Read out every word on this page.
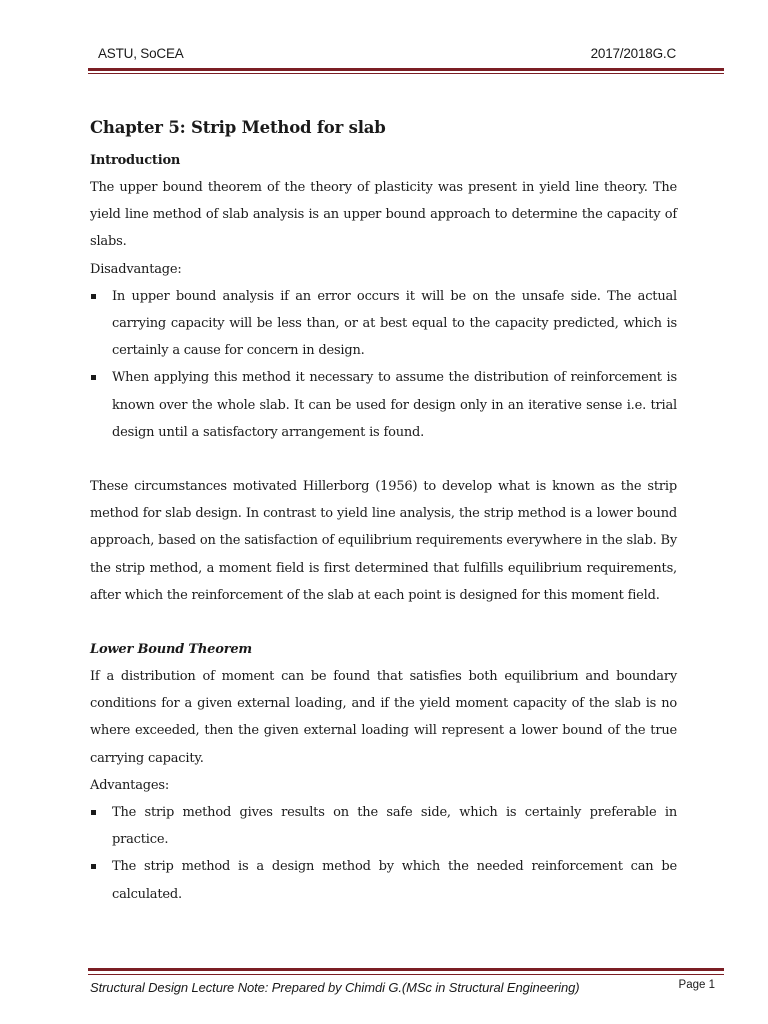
ASTU, SoCEA	2017/2018G.C
Chapter 5: Strip Method for slab
Introduction

The upper bound theorem of the theory of plasticity was present in yield line theory. The yield line method of slab analysis is an upper bound approach to determine the capacity of slabs.

Disadvantage:
In upper bound analysis if an error occurs it will be on the unsafe side. The actual carrying capacity will be less than, or at best equal to the capacity predicted, which is certainly a cause for concern in design.
When applying this method it necessary to assume the distribution of reinforcement is known over the whole slab. It can be used for design only in an iterative sense i.e. trial design until a satisfactory arrangement is found.

These circumstances motivated Hillerborg (1956) to develop what is known as the strip method for slab design. In contrast to yield line analysis, the strip method is a lower bound approach, based on the satisfaction of equilibrium requirements everywhere in the slab. By the strip method, a moment field is first determined that fulfills equilibrium requirements, after which the reinforcement of the slab at each point is designed for this moment field.

Lower Bound Theorem

If a distribution of moment can be found that satisfies both equilibrium and boundary conditions for a given external loading, and if the yield moment capacity of the slab is no where exceeded, then the given external loading will represent a lower bound of the true carrying capacity.

Advantages:
The strip method gives results on the safe side, which is certainly preferable in practice.
The strip method is a design method by which the needed reinforcement can be calculated.
Structural Design Lecture Note: Prepared by Chimdi G.(MSc in Structural Engineering)	Page 1
